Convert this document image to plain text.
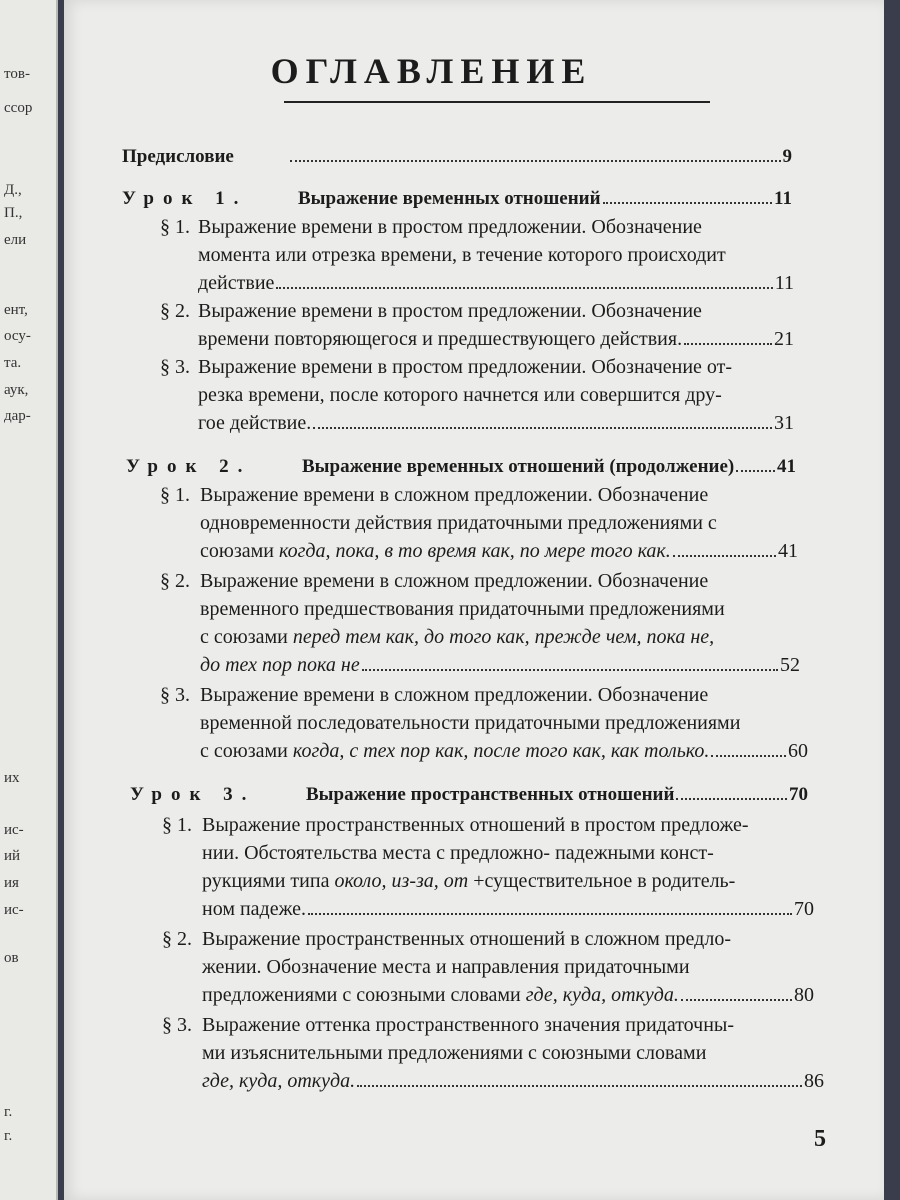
тов-
ссор
Д.,
П.,
ели
ент,
осу-
та.
аук,
дар-
их
ис-
ий
ия
ис-
ов
г.
г.
ОГЛАВЛЕНИЕ
Предисловие	9
Урок 1.	Выражение временных отношений	11
§ 1. Выражение времени в простом предложении. Обозначение
момента или отрезка времени, в течение которого происходит
действие	11
§ 2. Выражение времени в простом предложении. Обозначение
времени повторяющегося и предшествующего действия.	21
§ 3. Выражение времени в простом предложении. Обозначение от-
резка времени, после которого начнется или совершится дру-
гое действие.	31
Урок 2.	Выражение временных отношений (продолжение) 41
§ 1. Выражение времени в сложном предложении. Обозначение
одновременности действия придаточными предложениями с
союзами когда, пока, в то время как, по мере того как.	41
§ 2. Выражение времени в сложном предложении. Обозначение
временного предшествования придаточными предложениями
с союзами перед тем как, до того как, прежде чем, пока не,
до тех пор пока не	52
§ 3. Выражение времени в сложном предложении. Обозначение
временной последовательности придаточными предложениями
с союзами когда, с тех пор как, после того как, как только.	60
Урок 3.	Выражение пространственных отношений	70
§ 1. Выражение пространственных отношений в простом предложе-
нии. Обстоятельства места с предложно- падежными конст-
рукциями типа около, из-за, от +существительное в родитель-
ном падеже.	70
§ 2. Выражение пространственных отношений в сложном предло-
жении. Обозначение места и направления придаточными
предложениями с союзными словами где, куда, откуда.	80
§ 3. Выражение оттенка пространственного значения придаточны-
ми изъяснительными предложениями с союзными словами
где, куда, откуда.	86
5
